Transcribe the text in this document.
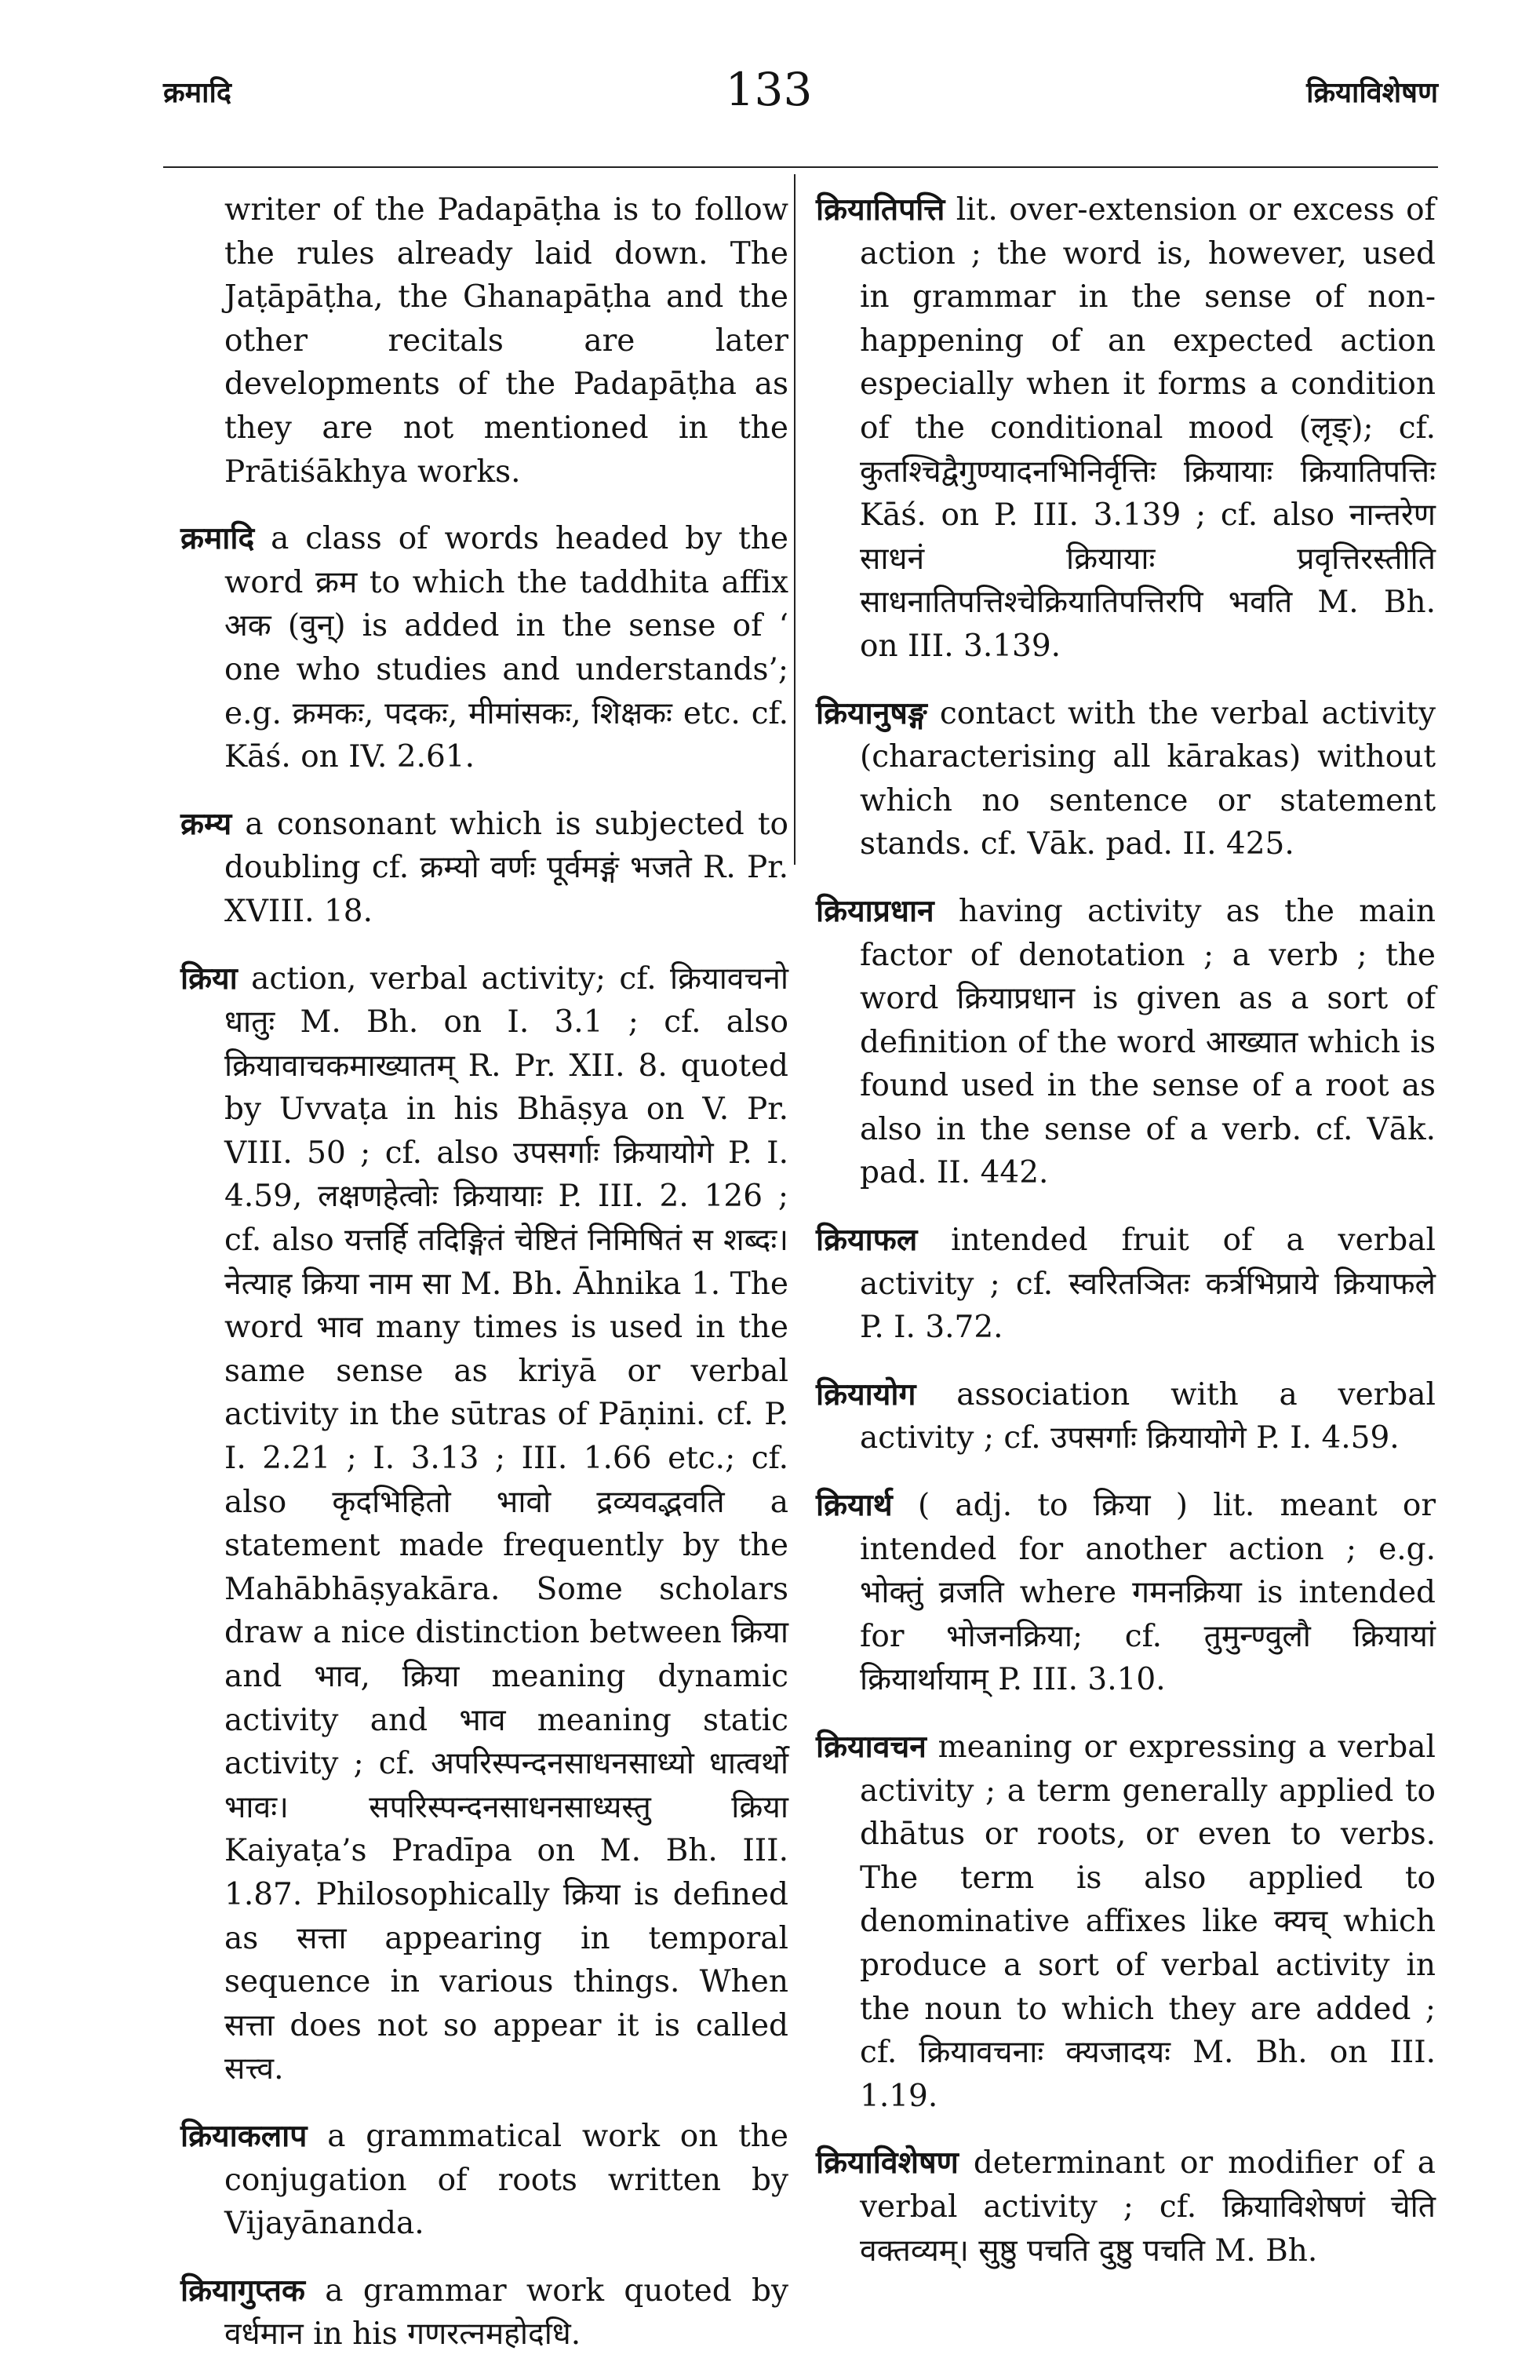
क्रमादि	133	क्रियाविशेषण

writer of the Padapāṭha is to follow the rules already laid down. The Jaṭāpāṭha, the Ghanapāṭha and the other recitals are later developments of the Padapāṭha as they are not mentioned in the Prātiśākhya works.

क्रमादि a class of words headed by the word क्रम to which the taddhita affix अक (वुन्) is added in the sense of ‘ one who studies and understands’; e.g. क्रमकः, पदकः, मीमांसकः, शिक्षकः etc. cf. Kāś. on IV. 2.61.

क्रम्य a consonant which is subjected to doubling cf. क्रम्यो वर्णः पूर्वमङ्गं भजते R. Pr. XVIII. 18.

क्रिया action, verbal activity; cf. क्रियावचनो धातुः M. Bh. on I. 3.1 ; cf. also क्रियावाचकमाख्यातम् R. Pr. XII. 8. quoted by Uvvaṭa in his Bhāṣya on V. Pr. VIII. 50 ; cf. also उपसर्गाः क्रियायोगे P. I. 4.59, लक्षणहेत्वोः क्रियायाः P. III. 2. 126 ; cf. also यत्तर्हि तदिङ्गितं चेष्टितं निमिषितं स शब्दः। नेत्याह क्रिया नाम सा M. Bh. Āhnika 1. The word भाव many times is used in the same sense as kriyā or verbal activity in the sūtras of Pāṇini. cf. P. I. 2.21 ; I. 3.13 ; III. 1.66 etc.; cf. also कृदभिहितो भावो द्रव्यवद्भवति a statement made frequently by the Mahābhāṣyakāra. Some scholars draw a nice distinction between क्रिया and भाव, क्रिया meaning dynamic activity and भाव meaning static activity ; cf. अपरिस्पन्दनसाधनसाध्यो धात्वर्थो भावः। सपरिस्पन्दनसाधनसाध्यस्तु क्रिया Kaiyaṭa’s Pradīpa on M. Bh. III. 1.87. Philosophically क्रिया is defined as सत्ता appearing in temporal sequence in various things. When सत्ता does not so appear it is called सत्त्व.

क्रियाकलाप a grammatical work on the conjugation of roots written by Vijayānanda.

क्रियागुप्तक a grammar work quoted by वर्धमान in his गणरत्नमहोदधि.

क्रियातिपत्ति lit. over-extension or excess of action ; the word is, however, used in grammar in the sense of non-happening of an expected action especially when it forms a condition of the conditional mood (लृङ्); cf. कुतश्चिद्वैगुण्यादनभिनिर्वृत्तिः क्रियायाः क्रियातिपत्तिः Kāś. on P. III. 3.139 ; cf. also नान्तरेण साधनं क्रियायाः प्रवृत्तिरस्तीति साधनातिपत्तिश्चेक्रियातिपत्तिरपि भवति M. Bh. on III. 3.139.

क्रियानुषङ्ग contact with the verbal activity (characterising all kārakas) without which no sentence or statement stands. cf. Vāk. pad. II. 425.

क्रियाप्रधान having activity as the main factor of denotation ; a verb ; the word क्रियाप्रधान is given as a sort of definition of the word आख्यात which is found used in the sense of a root as also in the sense of a verb. cf. Vāk. pad. II. 442.

क्रियाफल intended fruit of a verbal activity ; cf. स्वरितञितः कर्त्रभिप्राये क्रियाफले P. I. 3.72.

क्रियायोग association with a verbal activity ; cf. उपसर्गाः क्रियायोगे P. I. 4.59.

क्रियार्थ ( adj. to क्रिया ) lit. meant or intended for another action ; e.g. भोक्तुं व्रजति where गमनक्रिया is intended for भोजनक्रिया; cf. तुमुन्ण्वुलौ क्रियायां क्रियार्थायाम् P. III. 3.10.

क्रियावचन meaning or expressing a verbal activity ; a term generally applied to dhātus or roots, or even to verbs. The term is also applied to denominative affixes like क्यच् which produce a sort of verbal activity in the noun to which they are added ; cf. क्रियावचनाः क्यजादयः M. Bh. on III. 1.19.

क्रियाविशेषण determinant or modifier of a verbal activity ; cf. क्रियाविशेषणं चेति वक्तव्यम्। सुष्ठु पचति दुष्ठु पचति M. Bh.
